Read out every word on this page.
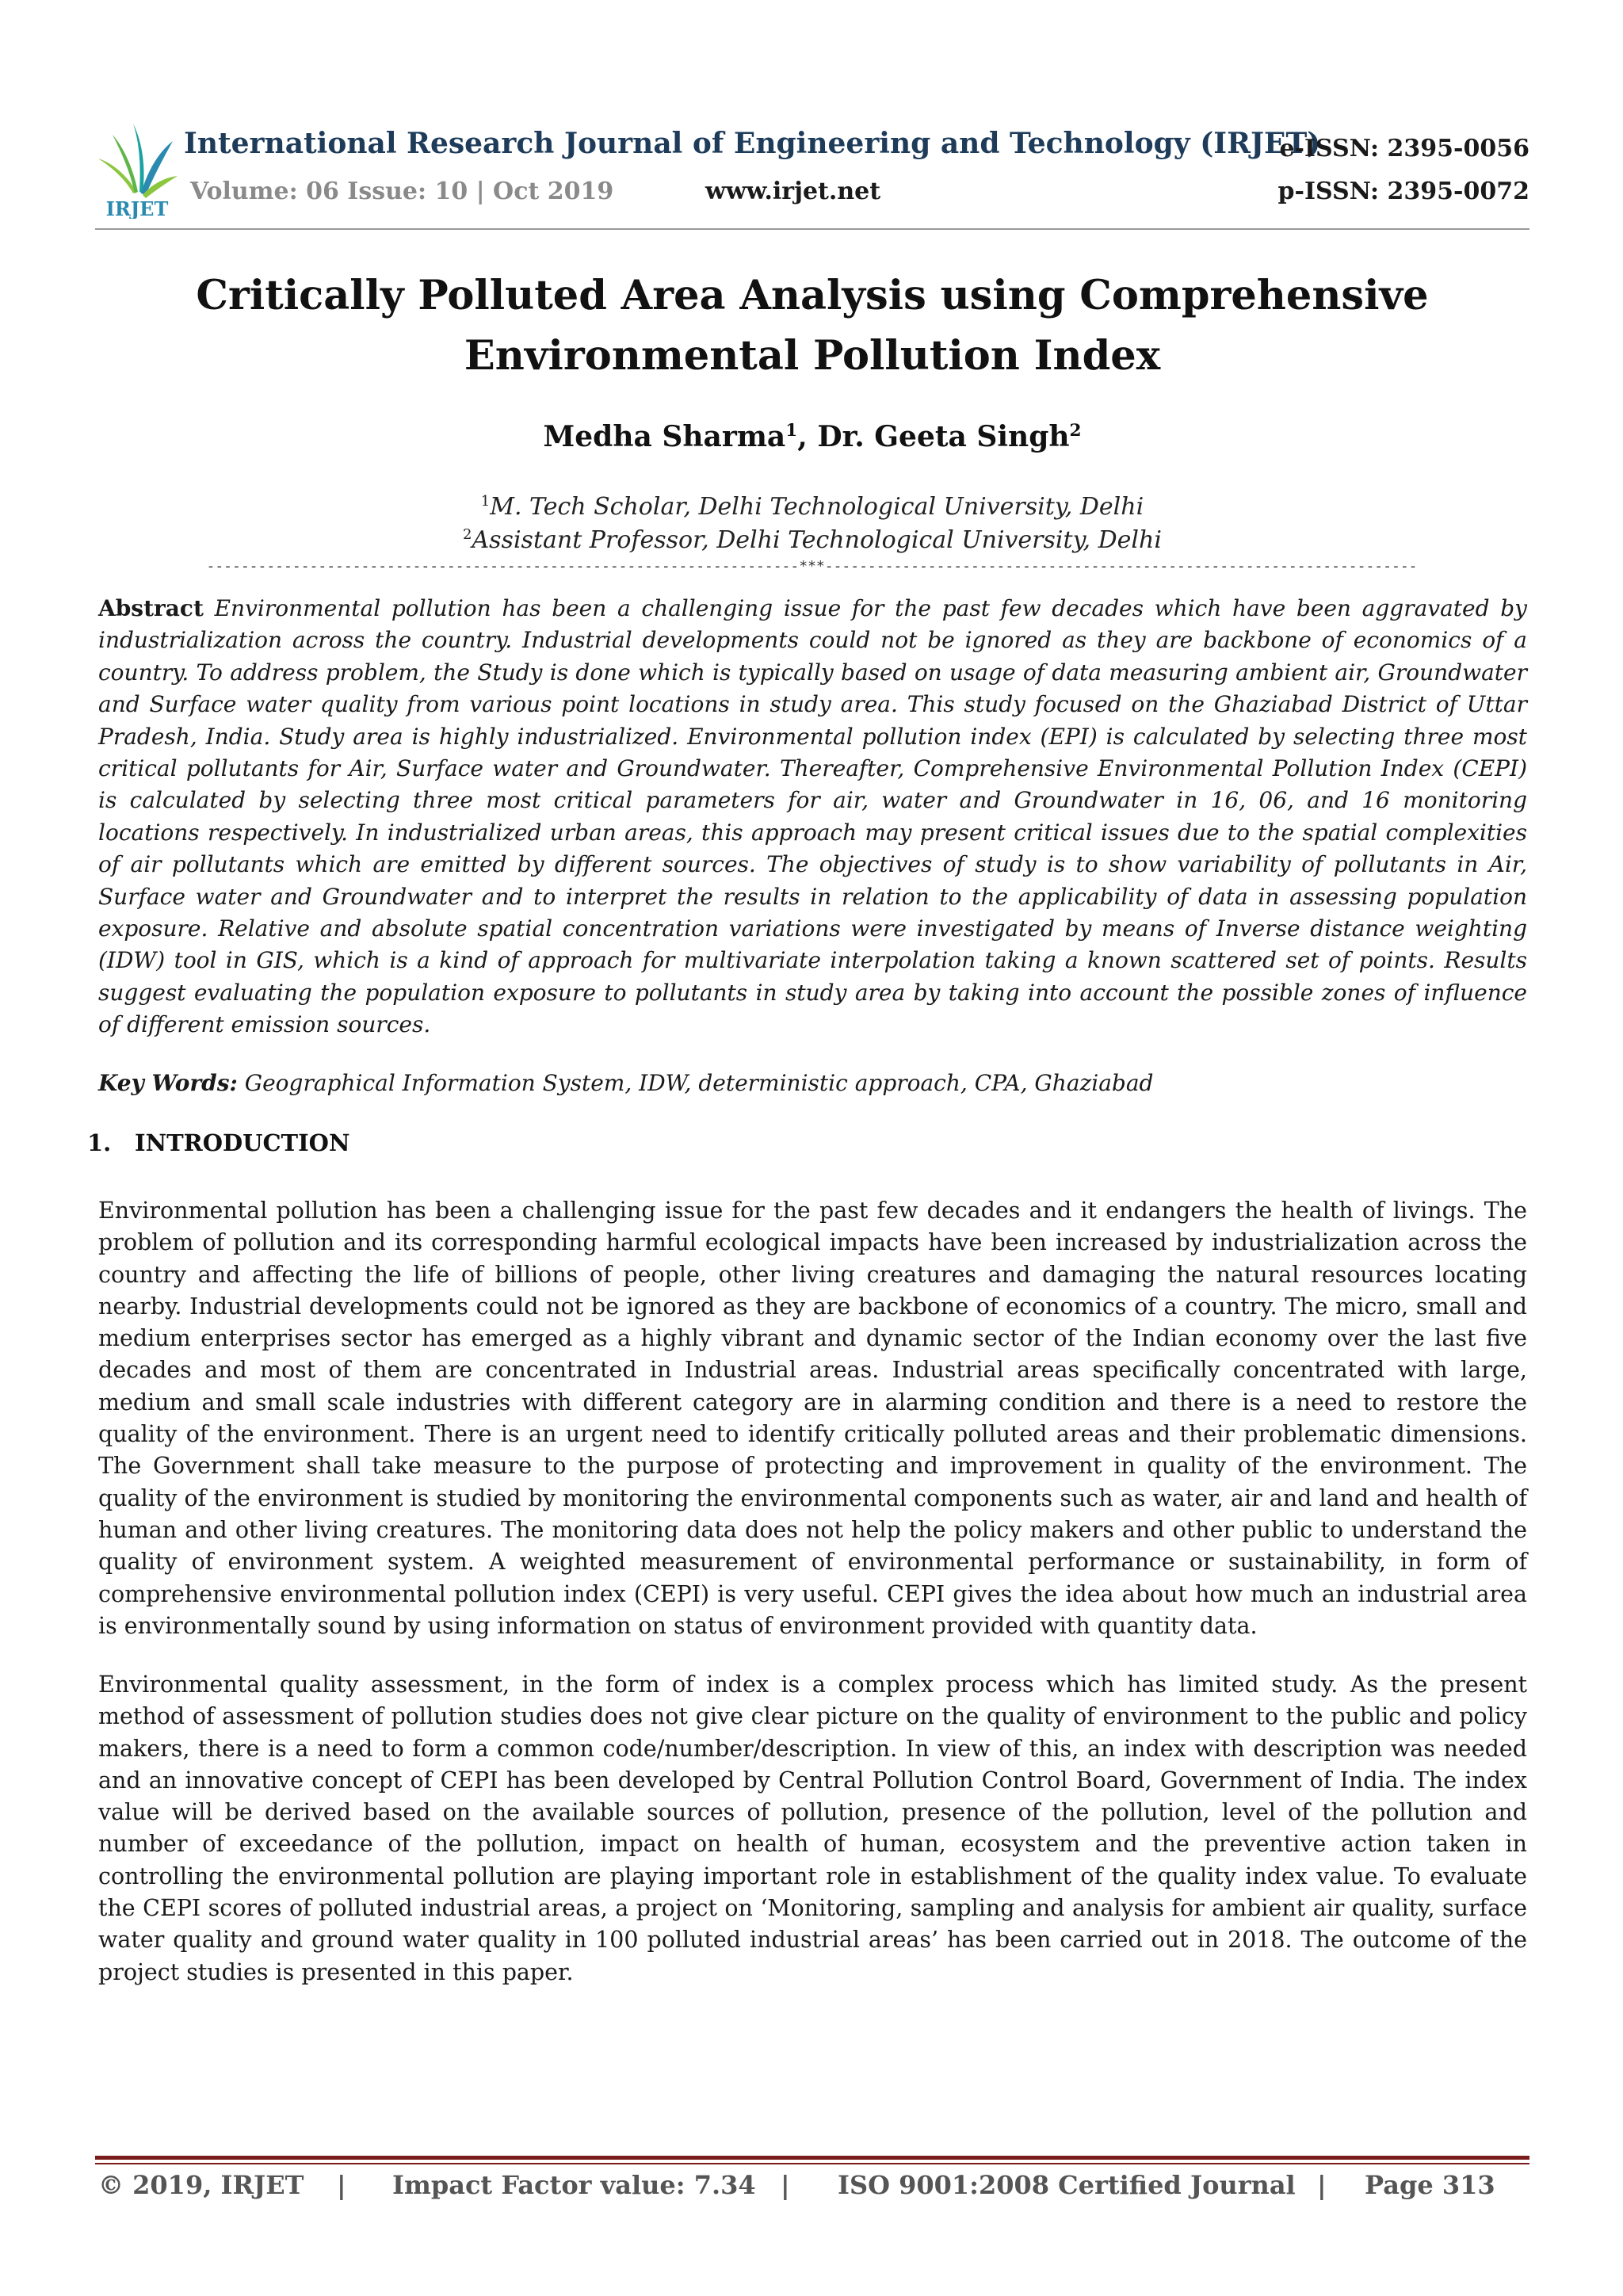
IRJET
International Research Journal of Engineering and Technology (IRJET)
Volume: 06 Issue: 10 | Oct 2019	www.irjet.net
e-ISSN: 2395-0056
p-ISSN: 2395-0072
Critically Polluted Area Analysis using Comprehensive Environmental Pollution Index
Medha Sharma$^1$, Dr. Geeta Singh$^2$
$^1$M. Tech Scholar, Delhi Technological University, Delhi
$^2$Assistant Professor, Delhi Technological University, Delhi
---------------------------------------------------------------------***---------------------------------------------------------------------
Abstract Environmental pollution has been a challenging issue for the past few decades which have been aggravated by industrialization across the country. Industrial developments could not be ignored as they are backbone of economics of a country. To address problem, the Study is done which is typically based on usage of data measuring ambient air, Groundwater and Surface water quality from various point locations in study area. This study focused on the Ghaziabad District of Uttar Pradesh, India. Study area is highly industrialized. Environmental pollution index (EPI) is calculated by selecting three most critical pollutants for Air, Surface water and Groundwater. Thereafter, Comprehensive Environmental Pollution Index (CEPI) is calculated by selecting three most critical parameters for air, water and Groundwater in 16, 06, and 16 monitoring locations respectively. In industrialized urban areas, this approach may present critical issues due to the spatial complexities of air pollutants which are emitted by different sources. The objectives of study is to show variability of pollutants in Air, Surface water and Groundwater and to interpret the results in relation to the applicability of data in assessing population exposure. Relative and absolute spatial concentration variations were investigated by means of Inverse distance weighting (IDW) tool in GIS, which is a kind of approach for multivariate interpolation taking a known scattered set of points. Results suggest evaluating the population exposure to pollutants in study area by taking into account the possible zones of influence of different emission sources.
Key Words: Geographical Information System, IDW, deterministic approach, CPA, Ghaziabad
1. INTRODUCTION
Environmental pollution has been a challenging issue for the past few decades and it endangers the health of livings. The problem of pollution and its corresponding harmful ecological impacts have been increased by industrialization across the country and affecting the life of billions of people, other living creatures and damaging the natural resources locating nearby. Industrial developments could not be ignored as they are backbone of economics of a country. The micro, small and medium enterprises sector has emerged as a highly vibrant and dynamic sector of the Indian economy over the last five decades and most of them are concentrated in Industrial areas. Industrial areas specifically concentrated with large, medium and small scale industries with different category are in alarming condition and there is a need to restore the quality of the environment. There is an urgent need to identify critically polluted areas and their problematic dimensions. The Government shall take measure to the purpose of protecting and improvement in quality of the environment. The quality of the environment is studied by monitoring the environmental components such as water, air and land and health of human and other living creatures. The monitoring data does not help the policy makers and other public to understand the quality of environment system. A weighted measurement of environmental performance or sustainability, in form of comprehensive environmental pollution index (CEPI) is very useful. CEPI gives the idea about how much an industrial area is environmentally sound by using information on status of environment provided with quantity data.
Environmental quality assessment, in the form of index is a complex process which has limited study. As the present method of assessment of pollution studies does not give clear picture on the quality of environment to the public and policy makers, there is a need to form a common code/number/description. In view of this, an index with description was needed and an innovative concept of CEPI has been developed by Central Pollution Control Board, Government of India. The index value will be derived based on the available sources of pollution, presence of the pollution, level of the pollution and number of exceedance of the pollution, impact on health of human, ecosystem and the preventive action taken in controlling the environmental pollution are playing important role in establishment of the quality index value. To evaluate the CEPI scores of polluted industrial areas, a project on ‘Monitoring, sampling and analysis for ambient air quality, surface water quality and ground water quality in 100 polluted industrial areas’ has been carried out in 2018. The outcome of the project studies is presented in this paper.
© 2019, IRJET | Impact Factor value: 7.34 | ISO 9001:2008 Certified Journal | Page 313
